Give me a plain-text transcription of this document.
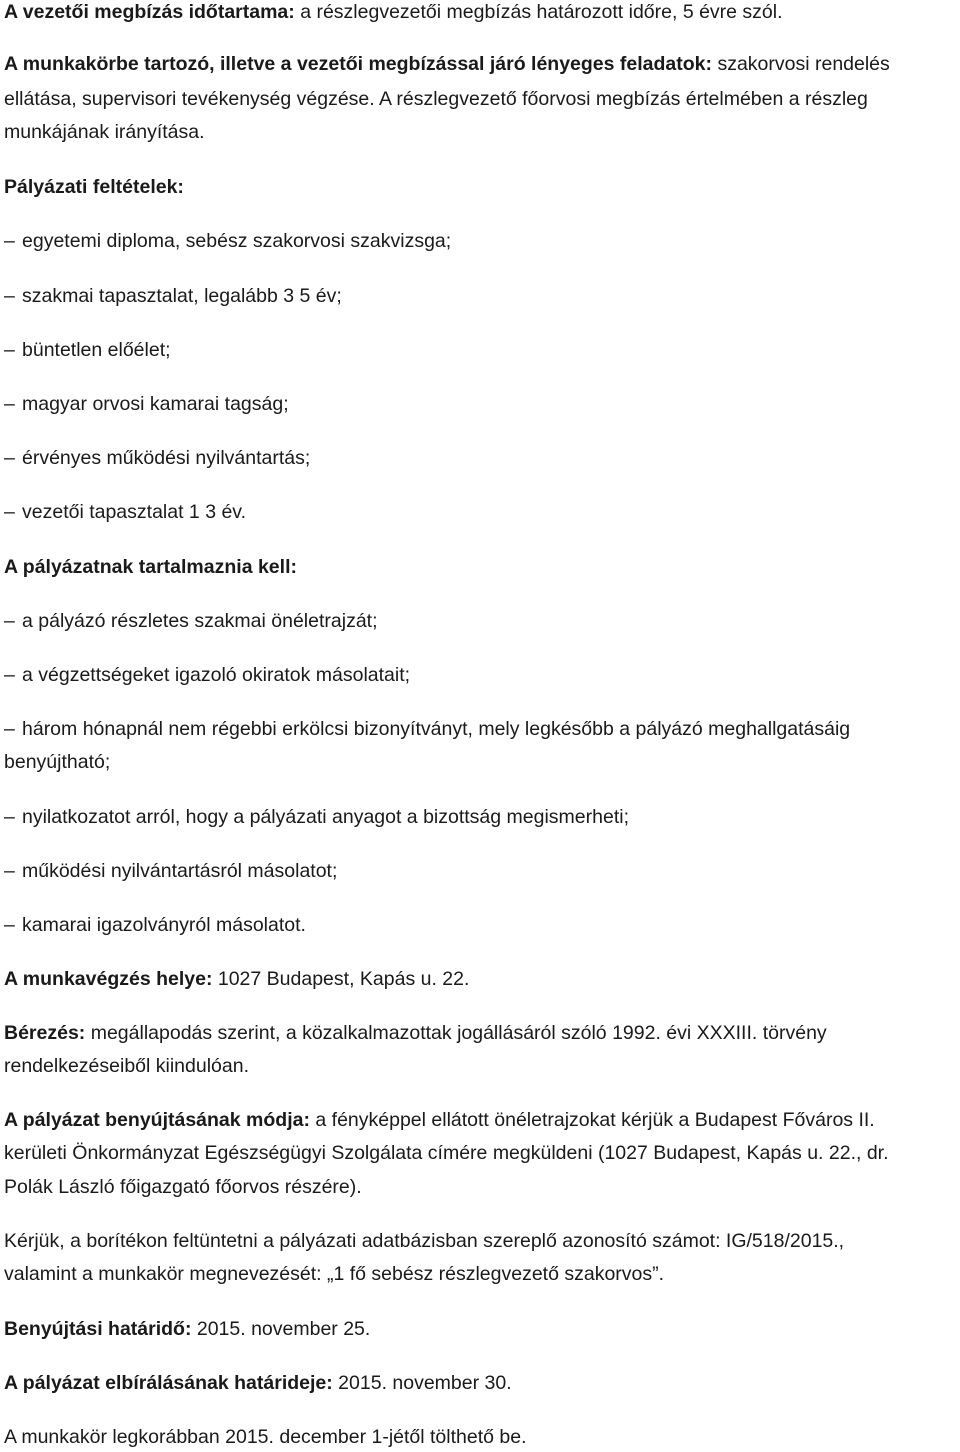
A vezetői megbízás időtartama: a részlegvezetői megbízás határozott időre, 5 évre szól.
A munkakörbe tartozó, illetve a vezetői megbízással járó lényeges feladatok: szakorvosi rendelés
ellátása, supervisori tevékenység végzése. A részlegvezető főorvosi megbízás értelmében a részleg
munkájának irányítása.
Pályázati feltételek:
– egyetemi diploma, sebész szakorvosi szakvizsga;
– szakmai tapasztalat, legalább 3 5 év;
– büntetlen előélet;
– magyar orvosi kamarai tagság;
– érvényes működési nyilvántartás;
– vezetői tapasztalat 1 3 év.
A pályázatnak tartalmaznia kell:
– a pályázó részletes szakmai önéletrajzát;
– a végzettségeket igazoló okiratok másolatait;
– három hónapnál nem régebbi erkölcsi bizonyítványt, mely legkésőbb a pályázó meghallgatásáig
benyújtható;
– nyilatkozatot arról, hogy a pályázati anyagot a bizottság megismerheti;
– működési nyilvántartásról másolatot;
– kamarai igazolványról másolatot.
A munkavégzés helye: 1027 Budapest, Kapás u. 22.
Bérezés: megállapodás szerint, a közalkalmazottak jogállásáról szóló 1992. évi XXXIII. törvény
rendelkezéseiből kiindulóan.
A pályázat benyújtásának módja: a fényképpel ellátott önéletrajzokat kérjük a Budapest Főváros II.
kerületi Önkormányzat Egészségügyi Szolgálata címére megküldeni (1027 Budapest, Kapás u. 22., dr.
Polák László főigazgató főorvos részére).
Kérjük, a borítékon feltüntetni a pályázati adatbázisban szereplő azonosító számot: IG/518/2015.,
valamint a munkakör megnevezését: „1 fő sebész részlegvezető szakorvos”.
Benyújtási határidő: 2015. november 25.
A pályázat elbírálásának határideje: 2015. november 30.
A munkakör legkorábban 2015. december 1-jétől tölthető be.
